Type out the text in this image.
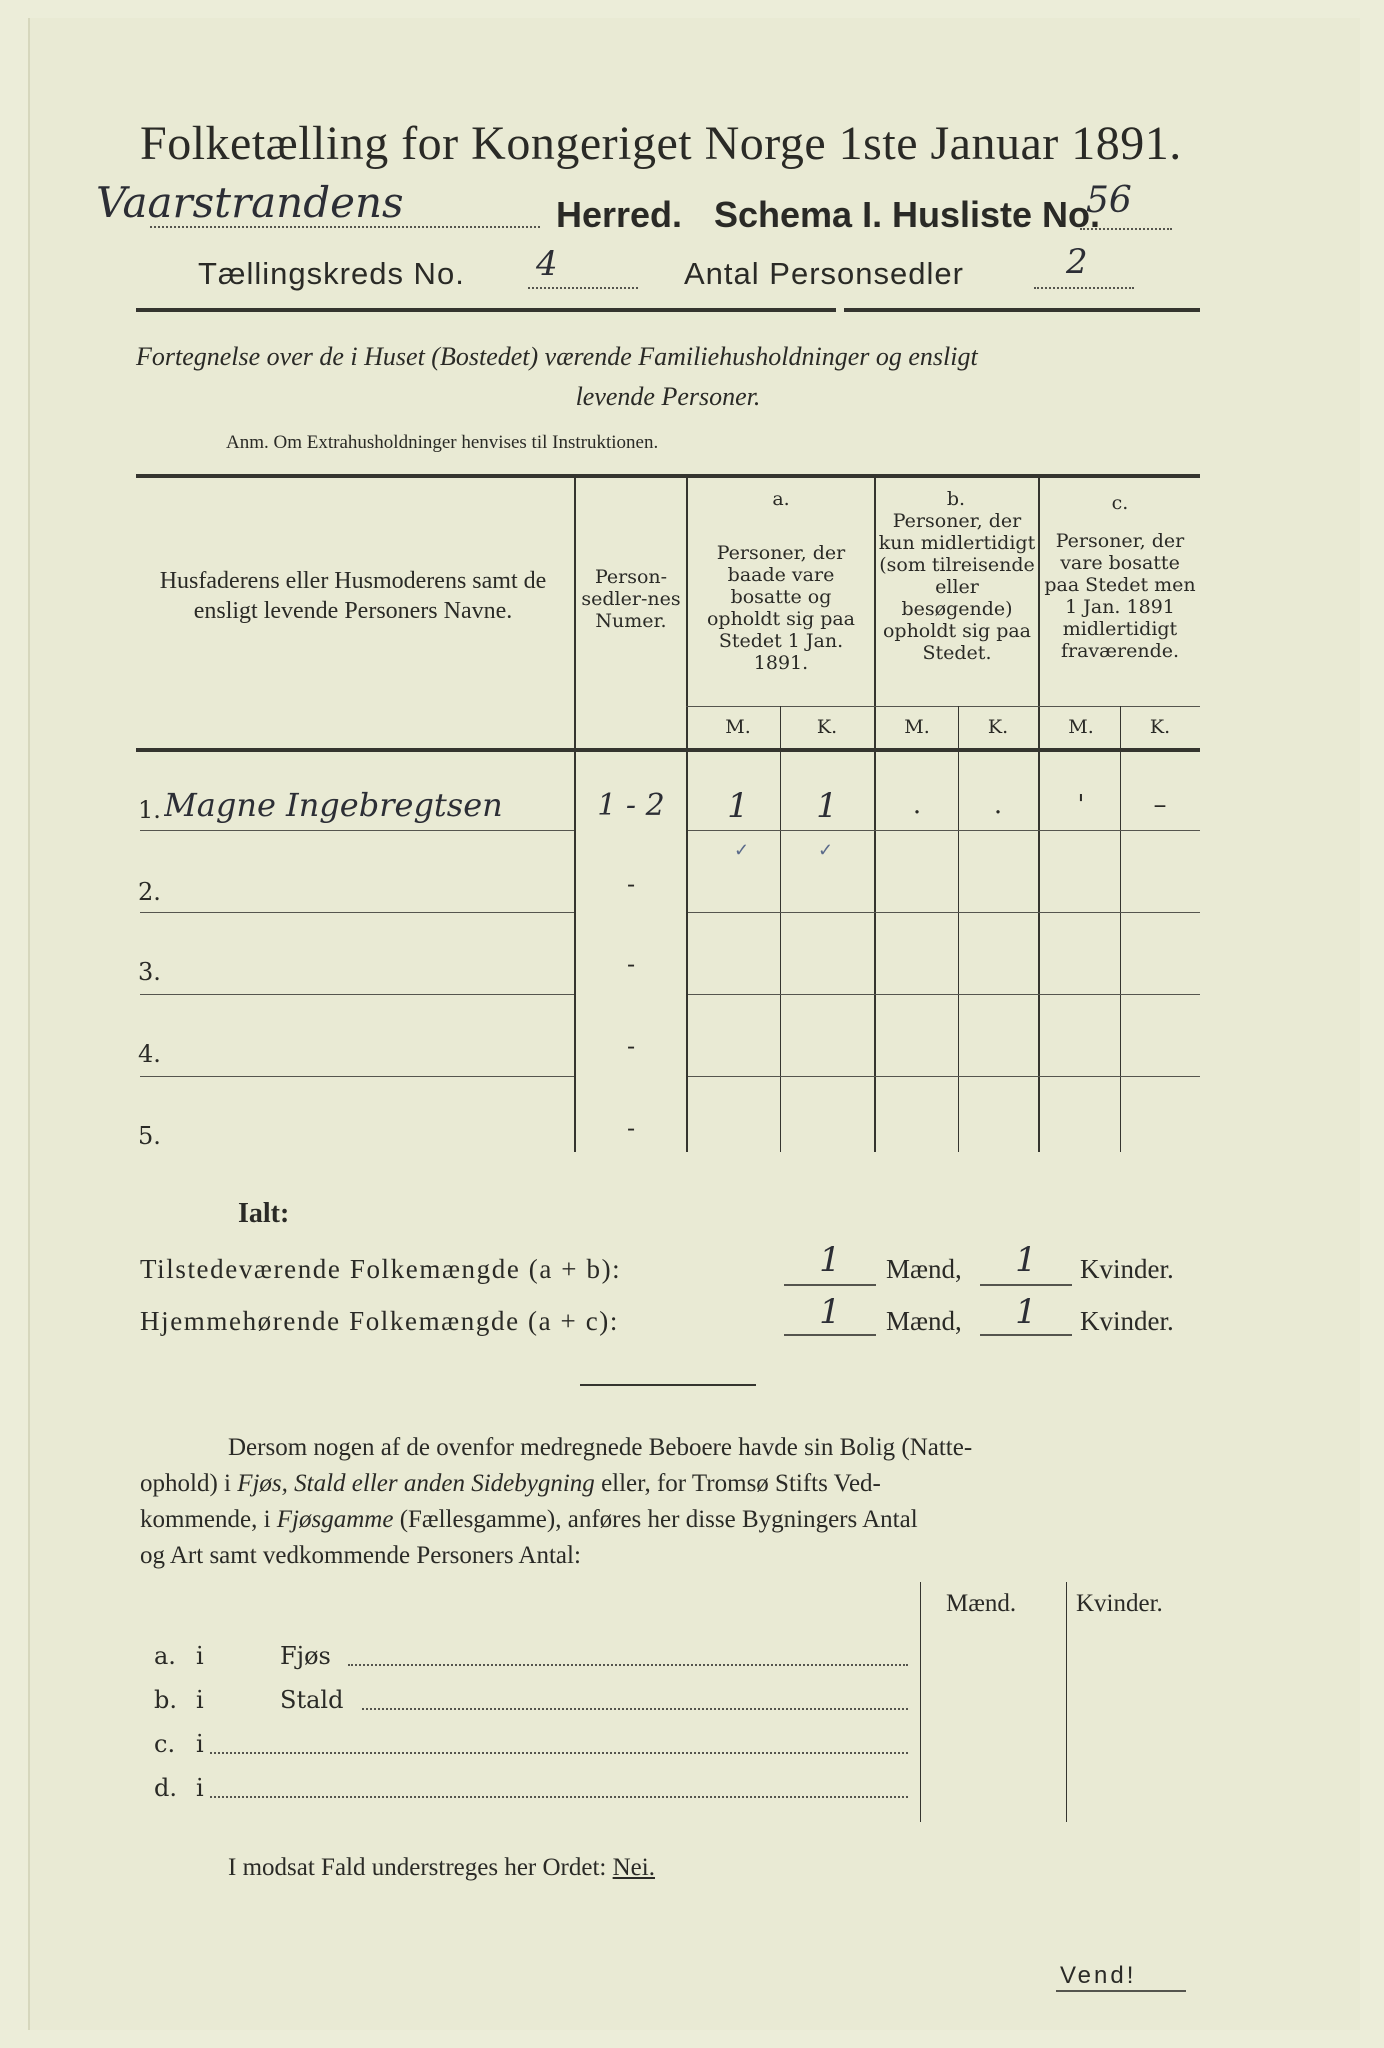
Folketælling for Kongeriget Norge 1ste Januar 1891.
Vaarstrandens	Herred. Schema I. Husliste No.
56
Tællingskreds No. 4	Antal Personsedler	2
Fortegnelse over de i Huset (Bostedet) værende Familiehusholdninger og ensligt
levende Personer.
Anm. Om Extrahusholdninger henvises til Instruktionen.
Husfaderens eller Husmoderens samt de ensligt levende Personers Navne.
Person-sedler-nes Numer.
a.
Personer, der baade vare bosatte og opholdt sig paa Stedet 1 Jan. 1891.
b.
Personer, der kun midlertidigt (som tilreisende eller besøgende) opholdt sig paa Stedet.
c.
Personer, der vare bosatte paa Stedet men 1 Jan. 1891 midlertidigt fraværende.
M.	K.	M.	K.	M.	K.
1. Magne Ingebregtsen	1 - 2	1	1	.	.	'	–
✓	✓
2.	-
3.	-
4.	-
5.	-
Ialt:
Tilstedeværende Folkemængde (a + b):	1	Mænd,	1	Kvinder.
Hjemmehørende Folkemængde (a + c):	1	Mænd,	1	Kvinder.
Dersom nogen af de ovenfor medregnede Beboere havde sin Bolig (Natte-
ophold) i Fjøs, Stald eller anden Sidebygning eller, for Tromsø Stifts Ved-
kommende, i Fjøsgamme (Fællesgamme), anføres her disse Bygningers Antal
og Art samt vedkommende Personers Antal:
Mænd. Kvinder.
a. i	Fjøs
b. i	Stald
c. i
d. i
I modsat Fald understreges her Ordet: Nei.
Vend!
